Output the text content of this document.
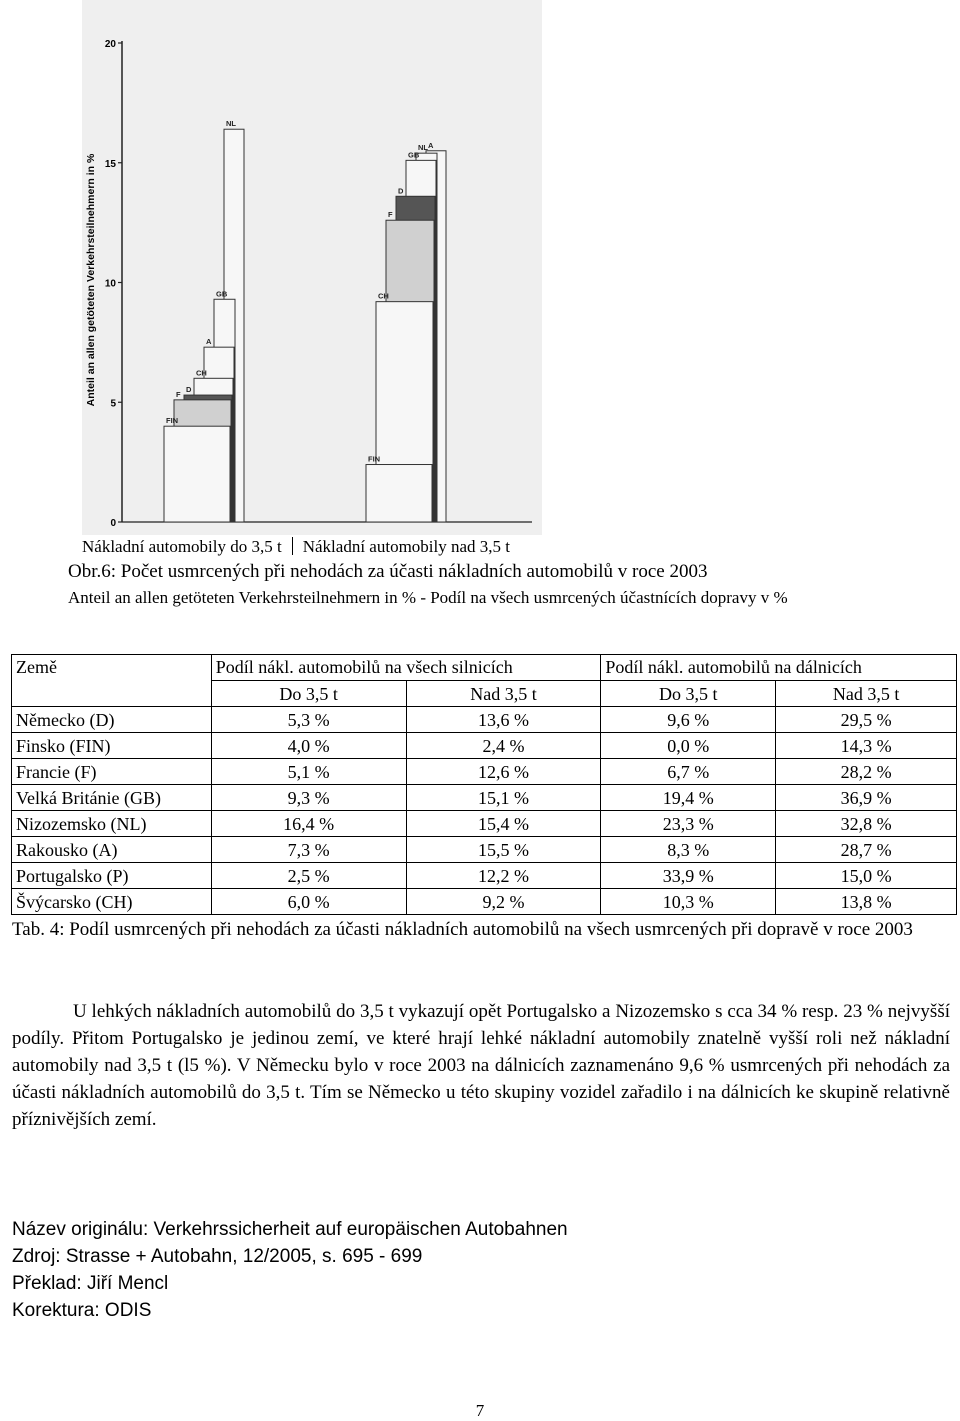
Anteil an allen getöteten Verkehrsteilnehmern in %
0
5
10
15
20
NL
GB
A
CH
D
F
FIN
A
NL
GB
D
F
CH
FIN
Nákladní automobily do 3,5 t Nákladní automobily nad 3,5 t
Obr.6: Počet usmrcených při nehodách za účasti nákladních automobilů v roce 2003
Anteil an allen getöteten Verkehrsteilnehmern in % - Podíl na všech usmrcených účastnících dopravy v %
Země	Podíl nákl. automobilů na všech silnicích		Podíl nákl. automobilů na dálnicích	
	Do 3,5 t	Nad 3,5 t	Do 3,5 t	Nad 3,5 t
Německo (D)	5,3 %	13,6 %	9,6 %	29,5 %
Finsko (FIN)	4,0 %	2,4 %	0,0 %	14,3 %
Francie (F)	5,1 %	12,6 %	6,7 %	28,2 %
Velká Británie (GB)	9,3 %	15,1 %	19,4 %	36,9 %
Nizozemsko (NL)	16,4 %	15,4 %	23,3 %	32,8 %
Rakousko (A)	7,3 %	15,5 %	8,3 %	28,7 %
Portugalsko (P)	2,5 %	12,2 %	33,9 %	15,0 %
Švýcarsko (CH)	6,0 %	9,2 %	10,3 %	13,8 %
Tab. 4: Podíl usmrcených při nehodách za účasti nákladních automobilů na všech usmrcených při dopravě v roce 2003
U lehkých nákladních automobilů do 3,5 t vykazují opět Portugalsko a Nizozemsko s cca 34 % resp. 23 % nejvyšší podíly. Přitom Portugalsko je jedinou zemí, ve které hrají lehké nákladní automobily znatelně vyšší roli než nákladní automobily nad 3,5 t (l5 %). V Německu bylo v roce 2003 na dálnicích zaznamenáno 9,6 % usmrcených při nehodách za účasti nákladních automobilů do 3,5 t. Tím se Německo u této skupiny vozidel zařadilo i na dálnicích ke skupině relativně příznivějších zemí.
Název originálu: Verkehrssicherheit auf europäischen Autobahnen
Zdroj: Strasse + Autobahn, 12/2005, s. 695 - 699
Překlad: Jiří Mencl
Korektura: ODIS
7
